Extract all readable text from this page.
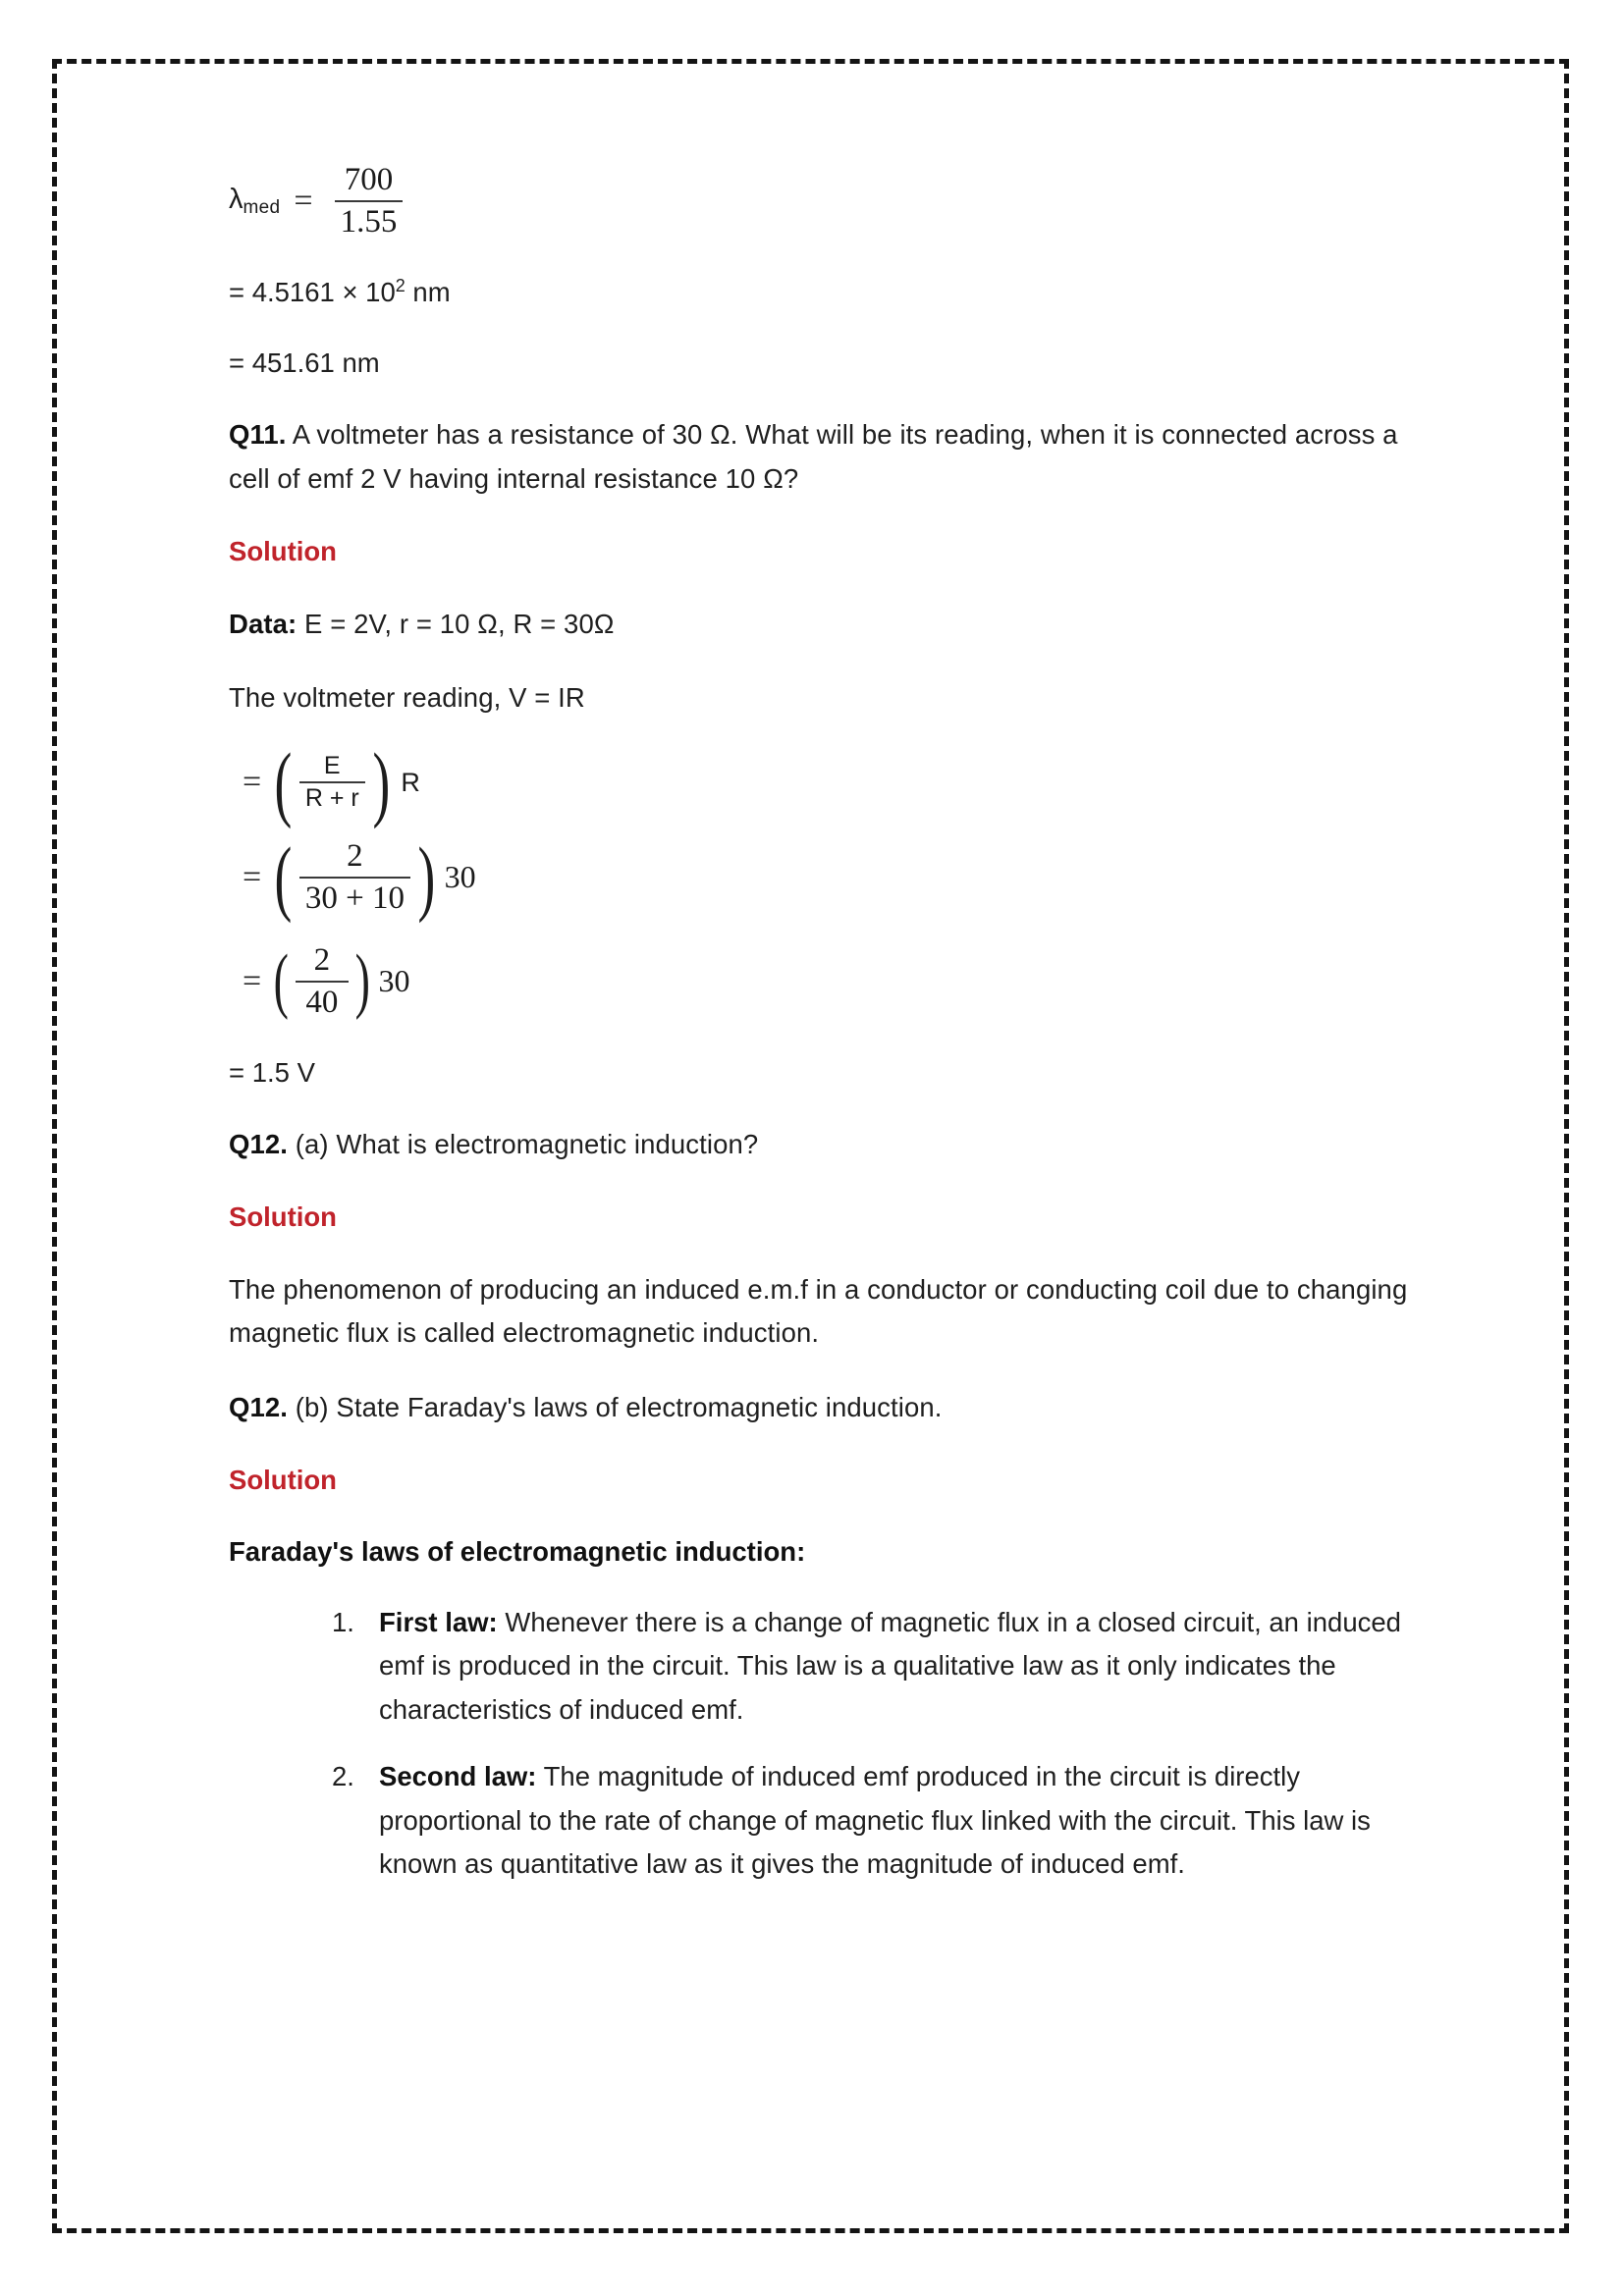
$\lambda_{med} = \frac{700}{1.55}$
= $4.5161 \times 10^2$ nm
= 451.61 nm

Q11. A voltmeter has a resistance of 30 Ω. What will be its reading, when it is connected across a cell of emf 2 V having internal resistance 10 Ω?

Solution

Data: E = 2V, r = 10 Ω, R = 30Ω

The voltmeter reading, V = IR

= ( $\frac{E}{R + r}$ ) R
= ( $\frac{2}{30 + 10}$ ) 30
= (
$\frac{2}{40}$
) 30
= 1.5 V

Q12. (a) What is electromagnetic induction?

Solution

The phenomenon of producing an induced e.m.f in a conductor or conducting coil due to changing magnetic flux is called electromagnetic induction.

Q12. (b) State Faraday's laws of electromagnetic induction.

Solution

Faraday's laws of electromagnetic induction:

First law: Whenever there is a change of magnetic flux in a closed circuit, an induced emf is produced in the circuit. This law is a qualitative law as it only indicates the characteristics of induced emf.
Second law: The magnitude of induced emf produced in the circuit is directly proportional to the rate of change of magnetic flux linked with the circuit. This law is known as quantitative law as it gives the magnitude of induced emf.
